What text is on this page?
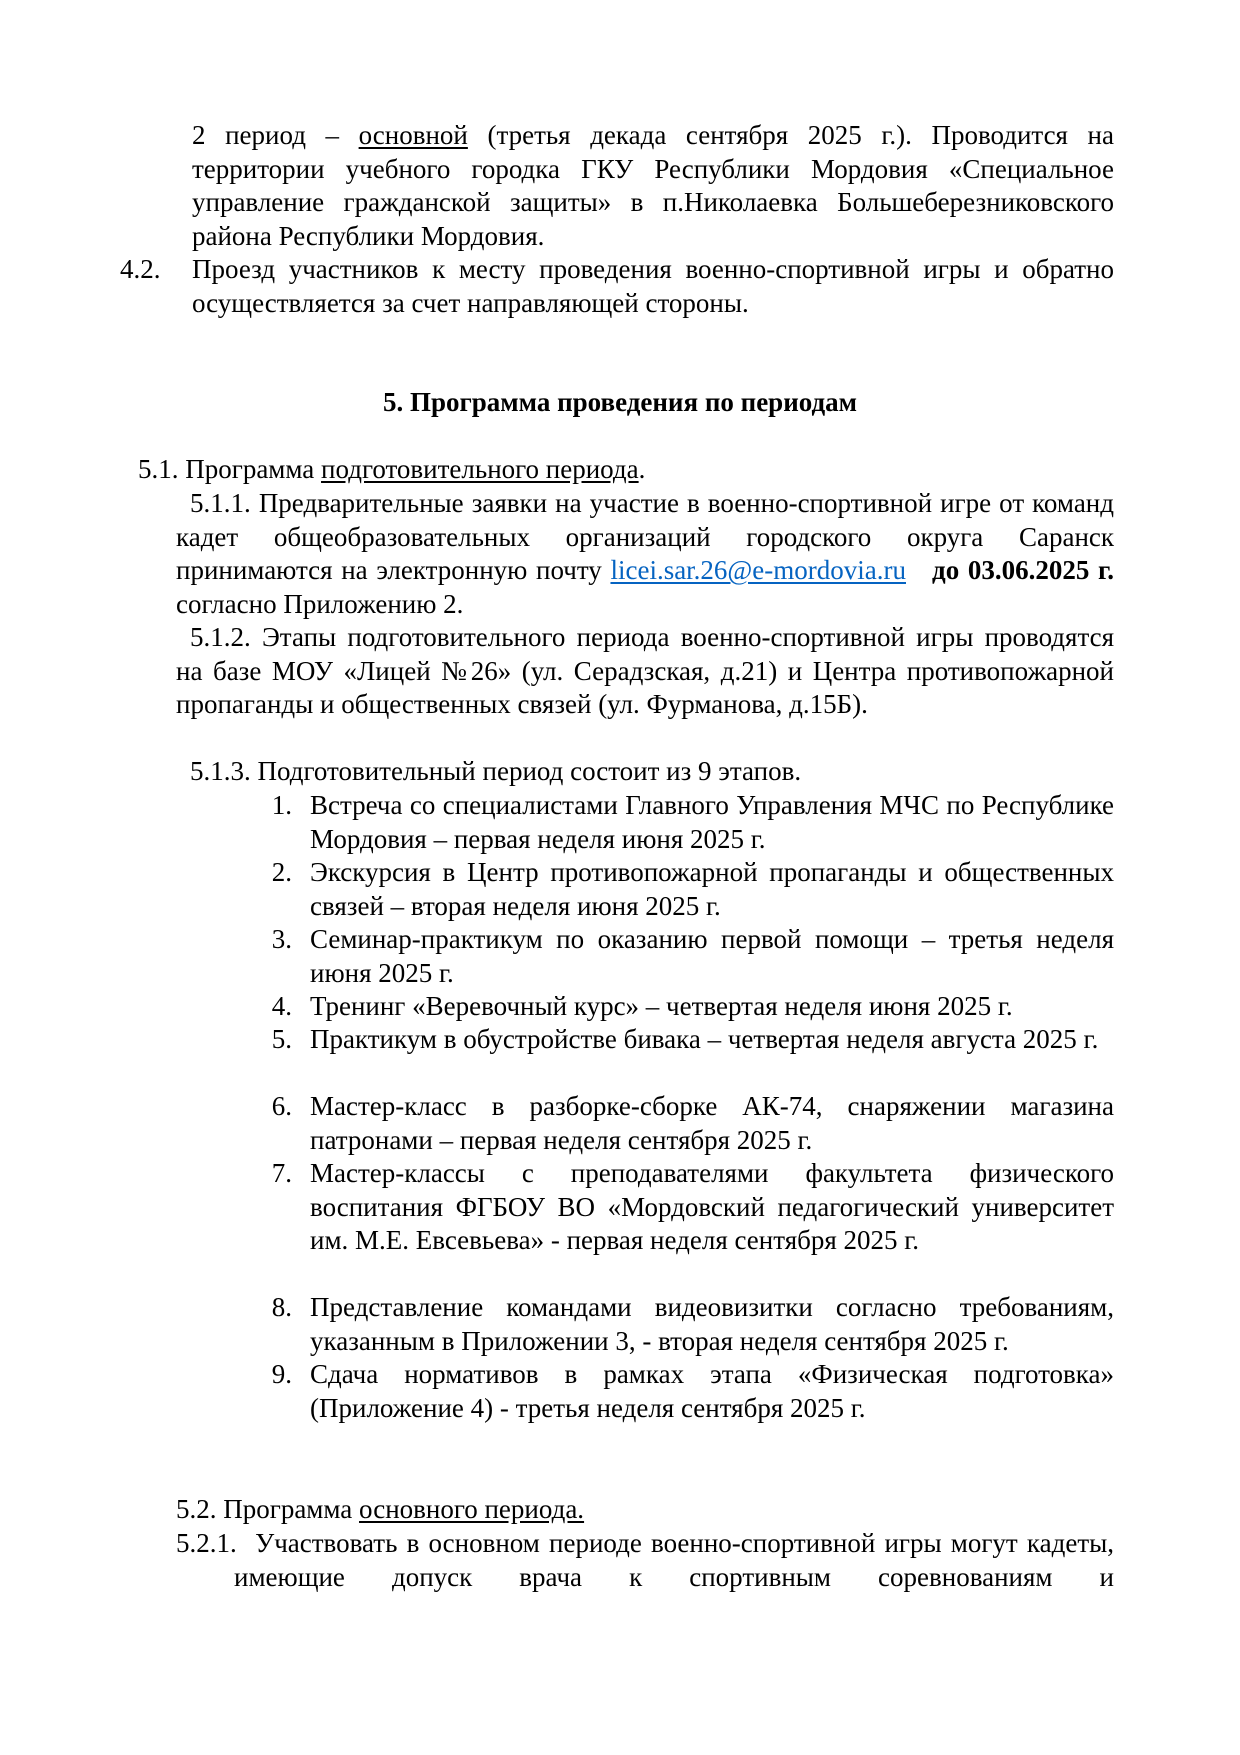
2 период – основной (третья декада сентября 2025 г.). Проводится на территории учебного городка ГКУ Республики Мордовия «Специальное управление гражданской защиты» в п.Николаевка Большеберезниковского района Республики Мордовия.
4.2.	Проезд участников к месту проведения военно-спортивной игры и обратно осуществляется за счет направляющей стороны.
5. Программа проведения по периодам
5.1. Программа подготовительного периода.
5.1.1. Предварительные заявки на участие в военно-спортивной игре от команд кадет общеобразовательных организаций городского округа Саранск принимаются на электронную почту licei.sar.26@e-mordovia.ru до 03.06.2025 г. согласно Приложению 2.
5.1.2. Этапы подготовительного периода военно-спортивной игры проводятся на базе МОУ «Лицей №26» (ул. Серадзская, д.21) и Центра противопожарной пропаганды и общественных связей (ул. Фурманова, д.15Б).
5.1.3. Подготовительный период состоит из 9 этапов.
1. Встреча со специалистами Главного Управления МЧС по Республике Мордовия – первая неделя июня 2025 г.
2. Экскурсия в Центр противопожарной пропаганды и общественных связей – вторая неделя июня 2025 г.
3. Семинар-практикум по оказанию первой помощи – третья неделя июня 2025 г.
4. Тренинг «Веревочный курс» – четвертая неделя июня 2025 г.
5. Практикум в обустройстве бивака – четвертая неделя августа 2025 г.
6. Мастер-класс в разборке-сборке АК-74, снаряжении магазина патронами – первая неделя сентября 2025 г.
7. Мастер-классы с преподавателями факультета физического воспитания ФГБОУ ВО «Мордовский педагогический университет им. М.Е. Евсевьева» - первая неделя сентября 2025 г.
8. Представление командами видеовизитки согласно требованиям, указанным в Приложении 3, - вторая неделя сентября 2025 г.
9. Сдача нормативов в рамках этапа «Физическая подготовка» (Приложение 4) - третья неделя сентября 2025 г.
5.2. Программа основного периода.
5.2.1. Участвовать в основном периоде военно-спортивной игры могут кадеты, имеющие допуск врача к спортивным соревнованиям и
